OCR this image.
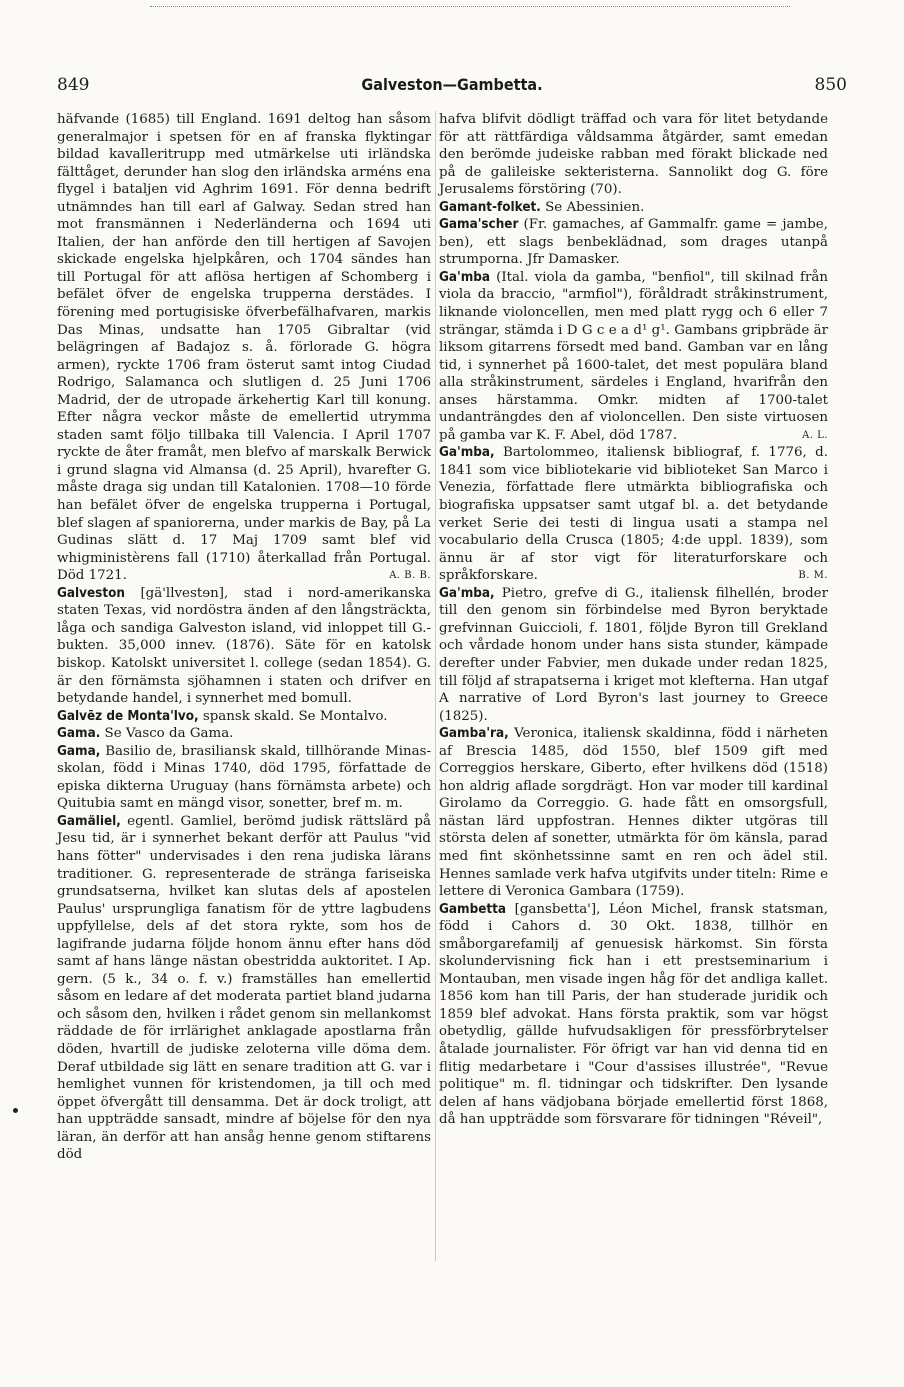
849	Galveston—Gambetta.	850

häfvande (1685) till England. 1691 deltog han såsom generalmajor i spetsen för en af franska flyktingar bildad kavalleritrupp med utmärkelse uti irländska fälttåget, derunder han slog den irländska arméns ena flygel i bataljen vid Aghrim 1691. För denna bedrift utnämndes han till earl af Galway. Sedan stred han mot fransmännen i Nederländerna och 1694 uti Italien, der han anförde den till hertigen af Savojen skickade engelska hjelpkåren, och 1704 sändes han till Portugal för att aflösa hertigen af Schomberg i befälet öfver de engelska trupperna derstädes. I förening med portugisiske öfverbefälhafvaren, markis Das Minas, undsatte han 1705 Gibraltar (vid belägringen af Badajoz s. å. förlorade G. högra armen), ryckte 1706 fram österut samt intog Ciudad Rodrigo, Salamanca och slutligen d. 25 Juni 1706 Madrid, der de utropade ärkehertig Karl till konung. Efter några veckor måste de emellertid utrymma staden samt följo tillbaka till Valencia. I April 1707 ryckte de åter framåt, men blefvo af marskalk Berwick i grund slagna vid Almansa (d. 25 April), hvarefter G. måste draga sig undan till Katalonien. 1708—10 förde han befälet öfver de engelska trupperna i Portugal, blef slagen af spaniorerna, under markis de Bay, på La Gudinas slätt d. 17 Maj 1709 samt blef vid whigministèrens fall (1710) återkallad från Portugal. Död 1721.	A. B. B.

Galveston [gä'llvestɘn], stad i nord-amerikanska staten Texas, vid nordöstra änden af den långsträckta, låga och sandiga Galveston island, vid inloppet till G.-bukten. 35,000 innev. (1876). Säte för en katolsk biskop. Katolskt universitet l. college (sedan 1854). G. är den förnämsta sjöhamnen i staten och drifver en betydande handel, i synnerhet med bomull.

Galvēz de Monta'lvo, spansk skald. Se Montalvo.

Gama. Se Vasco da Gama.

Gama, Basilio de, brasiliansk skald, tillhörande Minas-skolan, född i Minas 1740, död 1795, författade de episka dikterna Uruguay (hans förnämsta arbete) och Quitubia samt en mängd visor, sonetter, bref m. m.

Gamäliel, egentl. Gamliel, berömd judisk rättslärd på Jesu tid, är i synnerhet bekant derför att Paulus "vid hans fötter" undervisades i den rena judiska lärans traditioner. G. representerade de stränga fariseiska grundsatserna, hvilket kan slutas dels af apostelen Paulus' ursprungliga fanatism för de yttre lagbudens uppfyllelse, dels af det stora rykte, som hos de lagifrande judarna följde honom ännu efter hans död samt af hans länge nästan obestridda auktoritet. I Ap. gern. (5 k., 34 o. f. v.) framställes han emellertid såsom en ledare af det moderata partiet bland judarna och såsom den, hvilken i rådet genom sin mellankomst räddade de för irrlärighet anklagade apostlarna från döden, hvartill de judiske zeloterna ville döma dem. Deraf utbildade sig lätt en senare tradition att G. var i hemlighet vunnen för kristendomen, ja till och med öppet öfvergått till densamma. Det är dock troligt, att han uppträdde sansadt, mindre af böjelse för den nya läran, än derför att han ansåg henne genom stiftarens död

hafva blifvit dödligt träffad och vara för litet betydande för att rättfärdiga våldsamma åtgärder, samt emedan den berömde judeiske rabban med förakt blickade ned på de galileiske sekteristerna. Sannolikt dog G. före Jerusalems förstöring (70).

Gamant-folket. Se Abessinien.

Gama'scher (Fr. gamaches, af Gammalfr. game = jambe, ben), ett slags benbeklädnad, som drages utanpå strumporna. Jfr Damasker.

Ga'mba (Ital. viola da gamba, "benfiol", till skilnad från viola da braccio, "armfiol"), föråldradt stråkinstrument, liknande violoncellen, men med platt rygg och 6 eller 7 strängar, stämda i D G c e a d¹ g¹. Gambans gripbräde är liksom gitarrens försedt med band. Gamban var en lång tid, i synnerhet på 1600-talet, det mest populära bland alla stråkinstrument, särdeles i England, hvarifrån den anses härstamma. Omkr. midten af 1700-talet undanträngdes den af violoncellen. Den siste virtuosen på gamba var K. F. Abel, död 1787.	A. L.

Ga'mba, Bartolommeo, italiensk bibliograf, f. 1776, d. 1841 som vice bibliotekarie vid biblioteket San Marco i Venezia, författade flere utmärkta bibliografiska och biografiska uppsatser samt utgaf bl. a. det betydande verket Serie dei testi di lingua usati a stampa nel vocabulario della Crusca (1805; 4:de uppl. 1839), som ännu är af stor vigt för literaturforskare och språkforskare.	B. M.

Ga'mba, Pietro, grefve di G., italiensk filhellén, broder till den genom sin förbindelse med Byron beryktade grefvinnan Guiccioli, f. 1801, följde Byron till Grekland och vårdade honom under hans sista stunder, kämpade derefter under Fabvier, men dukade under redan 1825, till följd af strapatserna i kriget mot klefterna. Han utgaf A narrative of Lord Byron's last journey to Greece (1825).

Gamba'ra, Veronica, italiensk skaldinna, född i närheten af Brescia 1485, död 1550, blef 1509 gift med Correggios herskare, Giberto, efter hvilkens död (1518) hon aldrig aflade sorgdrägt. Hon var moder till kardinal Girolamo da Correggio. G. hade fått en omsorgsfull, nästan lärd uppfostran. Hennes dikter utgöras till största delen af sonetter, utmärkta för öm känsla, parad med fint skönhetssinne samt en ren och ädel stil. Hennes samlade verk hafva utgifvits under titeln: Rime e lettere di Veronica Gambara (1759).

Gambetta [gansbetta'], Léon Michel, fransk statsman, född i Cahors d. 30 Okt. 1838, tillhör en småborgarefamilj af genuesisk härkomst. Sin första skolundervisning fick han i ett prestseminarium i Montauban, men visade ingen håg för det andliga kallet. 1856 kom han till Paris, der han studerade juridik och 1859 blef advokat. Hans första praktik, som var högst obetydlig, gällde hufvudsakligen för pressförbrytelser åtalade journalister. För öfrigt var han vid denna tid en flitig medarbetare i "Cour d'assises illustrée", "Revue politique" m. fl. tidningar och tidskrifter. Den lysande delen af hans vädjobana började emellertid först 1868, då han uppträdde som försvarare för tidningen "Réveil",
